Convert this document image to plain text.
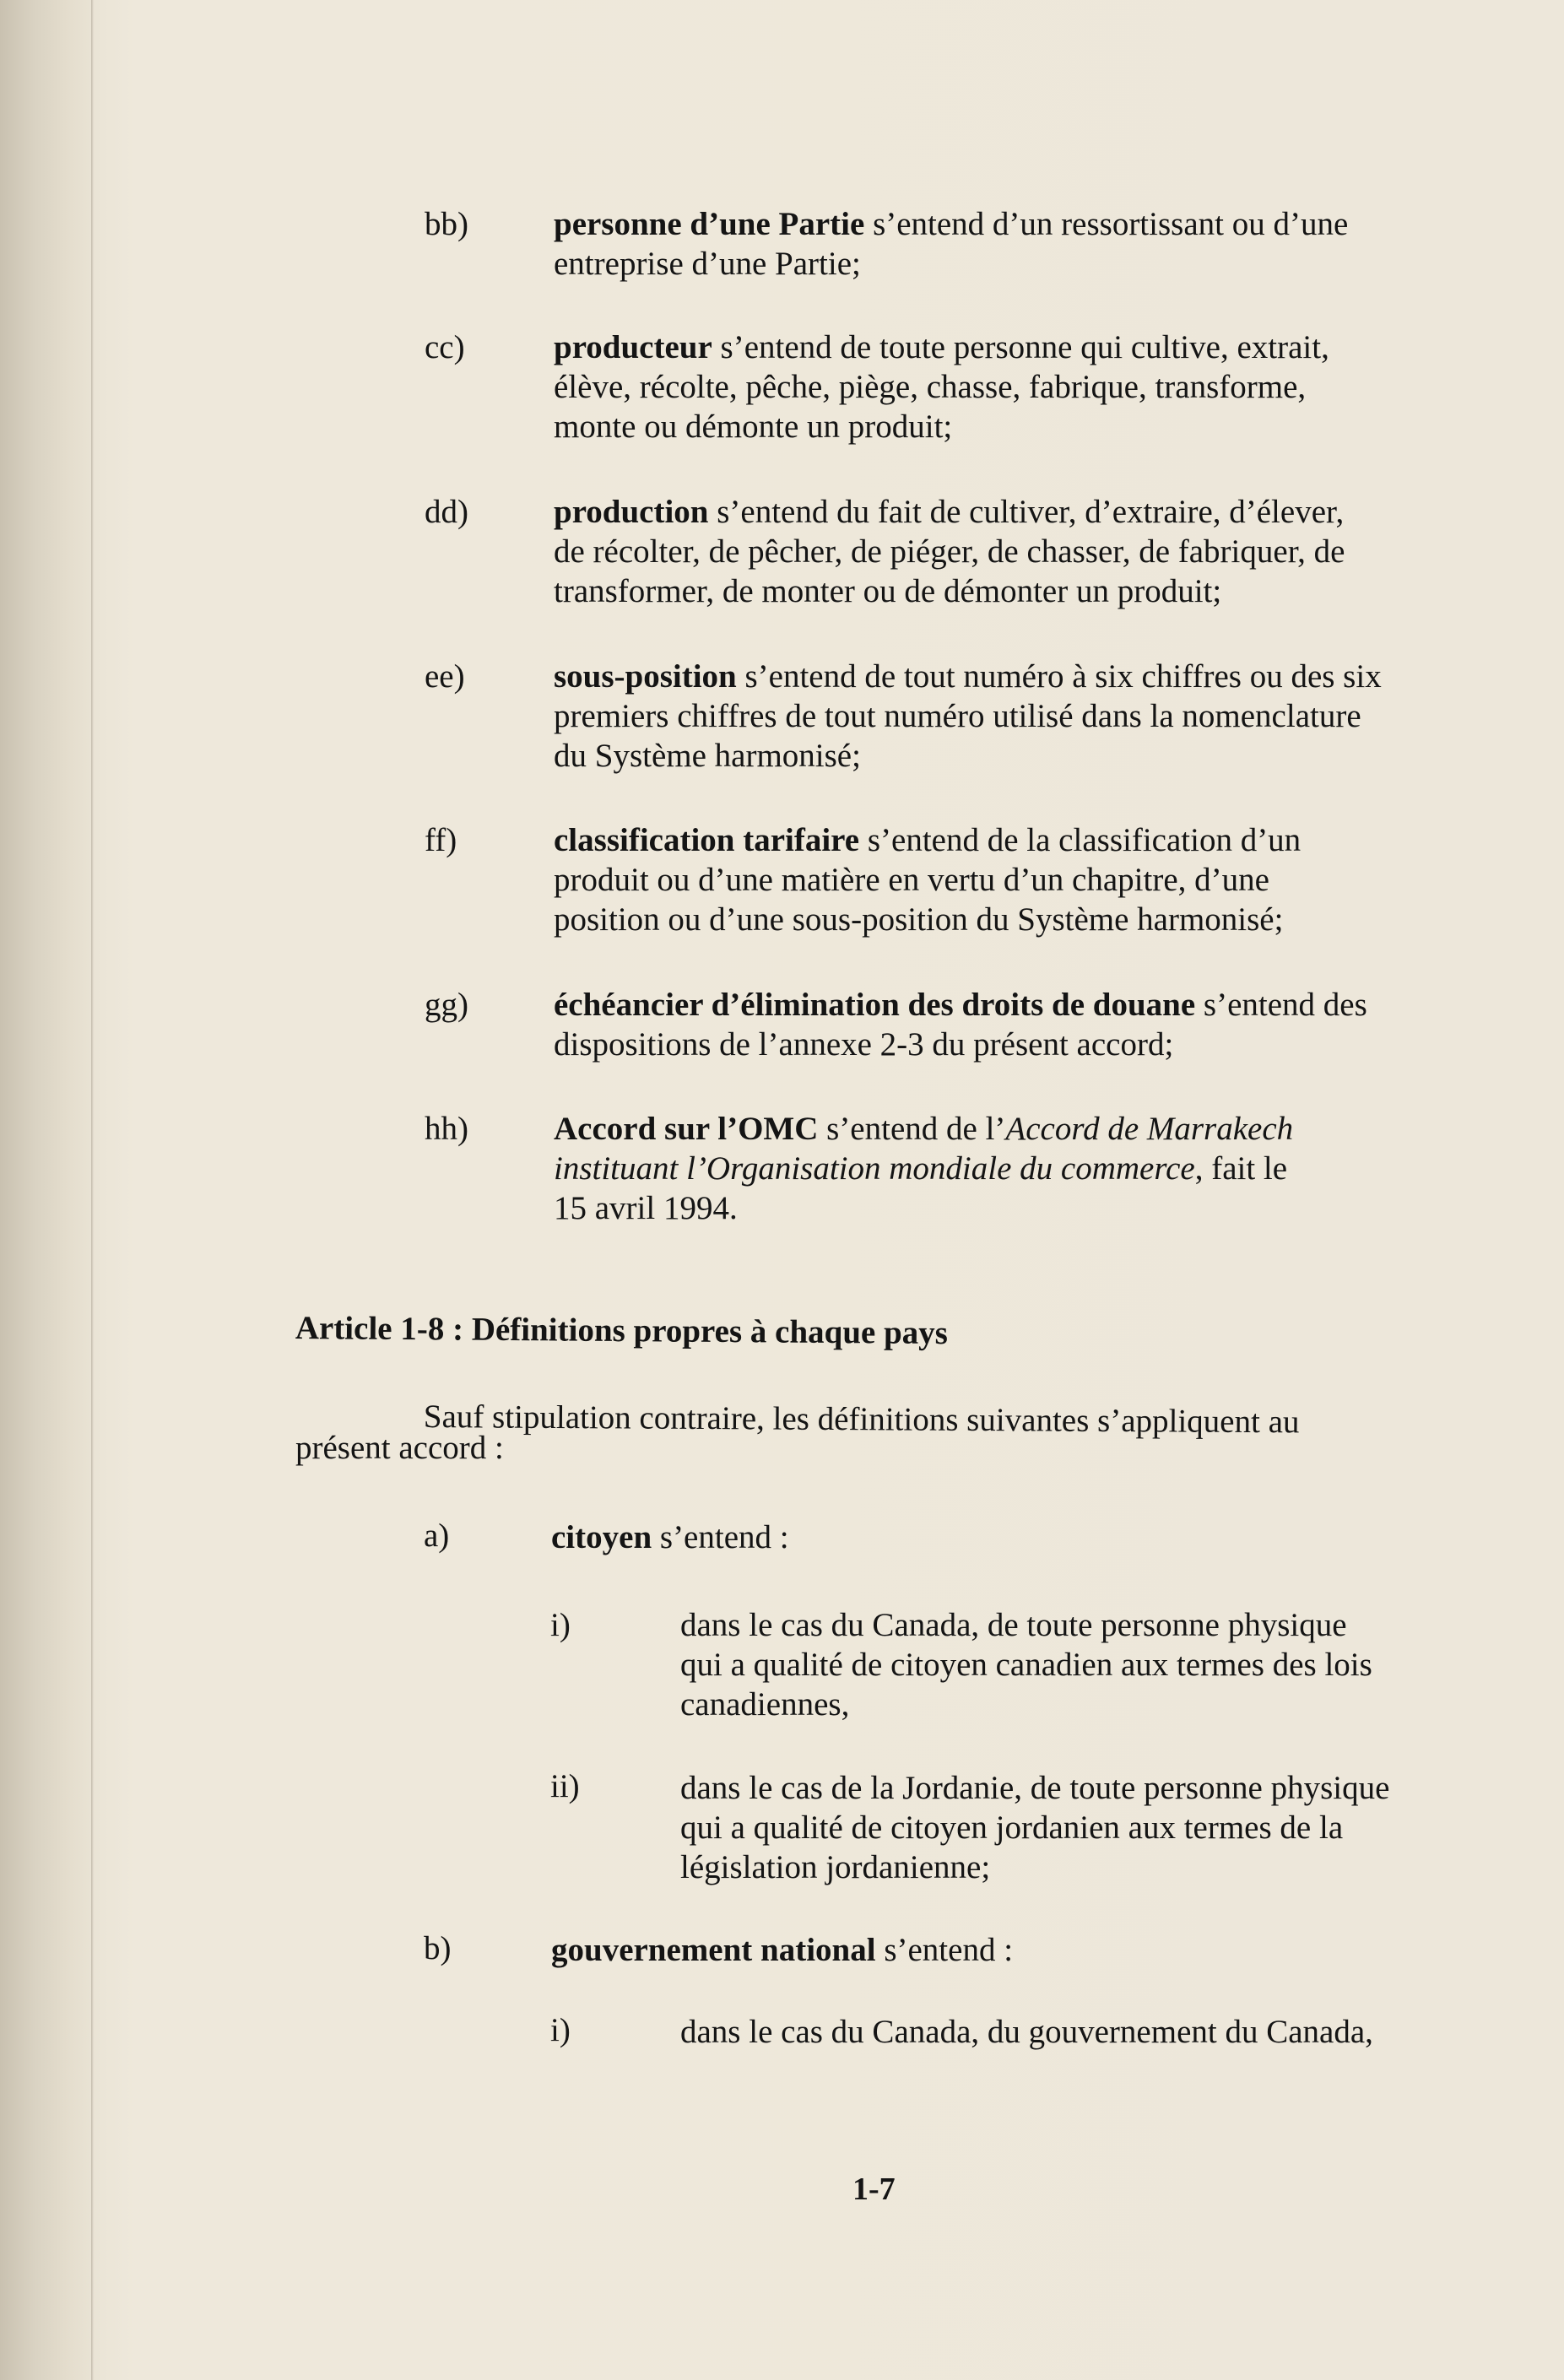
bb)	personne d’une Partie s’entend d’un ressortissant ou d’une
entreprise d’une Partie;
cc)	producteur s’entend de toute personne qui cultive, extrait,
élève, récolte, pêche, piège, chasse, fabrique, transforme,
monte ou démonte un produit;
dd)	production s’entend du fait de cultiver, d’extraire, d’élever,
de récolter, de pêcher, de piéger, de chasser, de fabriquer, de
transformer, de monter ou de démonter un produit;
ee)	sous-position s’entend de tout numéro à six chiffres ou des six
premiers chiffres de tout numéro utilisé dans la nomenclature
du Système harmonisé;
ff)	classification tarifaire s’entend de la classification d’un
produit ou d’une matière en vertu d’un chapitre, d’une
position ou d’une sous-position du Système harmonisé;
gg)	échéancier d’élimination des droits de douane s’entend des
dispositions de l’annexe 2-3 du présent accord;
hh)	Accord sur l’OMC s’entend de l’Accord de Marrakech
instituant l’Organisation mondiale du commerce, fait le
15 avril 1994.
Article 1-8 : Définitions propres à chaque pays
Sauf stipulation contraire, les définitions suivantes s’appliquent au
présent accord :
a)	citoyen s’entend :
i)	dans le cas du Canada, de toute personne physique
qui a qualité de citoyen canadien aux termes des lois
canadiennes,
ii)	dans le cas de la Jordanie, de toute personne physique
qui a qualité de citoyen jordanien aux termes de la
législation jordanienne;
b)	gouvernement national s’entend :
i)	dans le cas du Canada, du gouvernement du Canada,
1-7
